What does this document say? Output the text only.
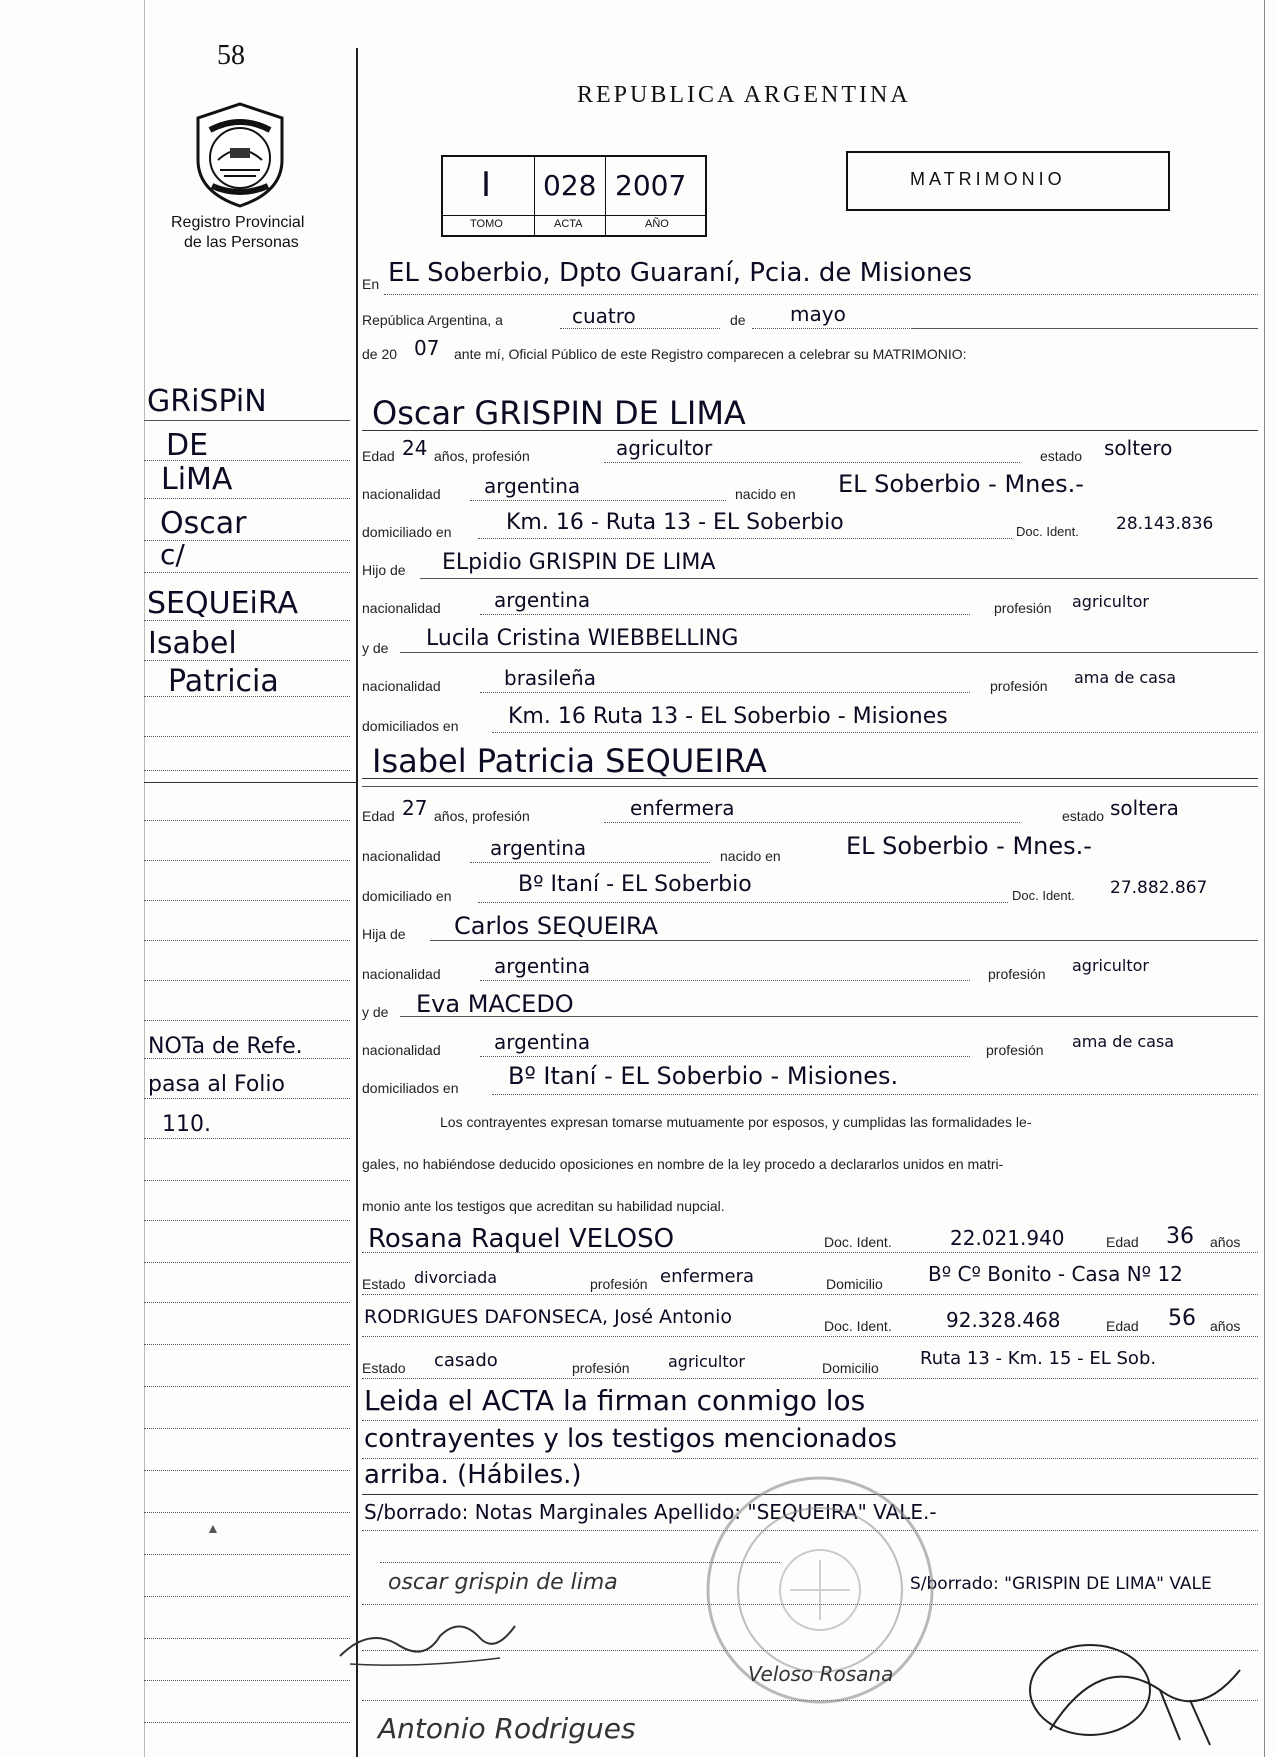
58
Registro Provincial
de las Personas
REPUBLICA ARGENTINA
I 028 2007
TOMO	ACTA	AÑO
MATRIMONIO
GRiSPiN
DE
LiMA
Oscar
c/
SEQUEiRA
Isabel
Patricia
NOTa de Refe.
pasa al Folio
110.
En EL Soberbio, Dpto Guaraní, Pcia. de Misiones
República Argentina, a	cuatro	de mayo
de 20 07 ante mí, Oficial Público de este Registro comparecen a celebrar su MATRIMONIO:
Oscar GRISPIN DE LIMA
Edad 24 años, profesión	agricultor	estado soltero
nacionalidad argentina	nacido en EL Soberbio - Mnes.-
domiciliado en Km. 16 - Ruta 13 - EL Soberbio	Doc. Ident. 28.143.836
Hijo de ELpidio GRISPIN DE LIMA
nacionalidad	argentina	profesión agricultor
y de Lucila Cristina WIEBBELLING
nacionalidad	brasileña	profesión ama de casa
domiciliados en Km. 16 Ruta 13 - EL Soberbio - Misiones
Isabel Patricia SEQUEIRA
Edad 27 años, profesión	enfermera	estado soltera
nacionalidad argentina	nacido en	EL Soberbio - Mnes.-
domiciliado en	Bº Itaní - EL Soberbio	Doc. Ident. 27.882.867
Hija de Carlos SEQUEIRA
nacionalidad	argentina	profesión agricultor
y de Eva MACEDO
nacionalidad	argentina	profesión ama de casa
domiciliados en Bº Itaní - EL Soberbio - Misiones.
Los contrayentes expresan tomarse mutuamente por esposos, y cumplidas las formalidades le-
gales, no habiéndose deducido oposiciones en nombre de la ley procedo a declararlos unidos en matri-
monio ante los testigos que acreditan su habilidad nupcial.
Rosana Raquel VELOSO	Doc. Ident.	22.021.940	Edad 36 años
Estado divorciada	profesión enfermera	Domicilio Bº Cº Bonito - Casa Nº 12
RODRIGUES DAFONSECA, José Antonio	Doc. Ident.	92.328.468	Edad 56 años
Estado casado	profesión agricultor	Domicilio Ruta 13 - Km. 15 - EL Sob.
Leida el ACTA la firman conmigo los
contrayentes y los testigos mencionados
arriba. (Hábiles.)
S/borrado: Notas Marginales Apellido: "SEQUEIRA" VALE.-
S/borrado: "GRISPIN DE LIMA" VALE
oscar grispin de lima
Veloso Rosana
Antonio Rodrigues
▲
